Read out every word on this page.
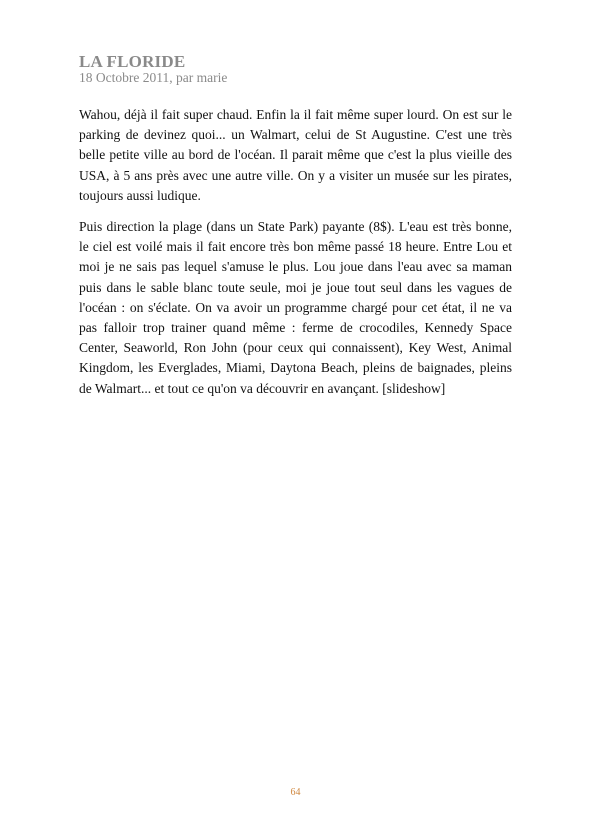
LA FLORIDE
18 Octobre 2011, par marie

Wahou, déjà il fait super chaud. Enfin la il fait même super lourd. On est sur le parking de devinez quoi... un Walmart, celui de St Augustine. C'est une très belle petite ville au bord de l'océan. Il parait même que c'est la plus vieille des USA, à 5 ans près avec une autre ville. On y a visiter un musée sur les pirates, toujours aussi ludique.

Puis direction la plage (dans un State Park) payante (8$). L'eau est très bonne, le ciel est voilé mais il fait encore très bon même passé 18 heure. Entre Lou et moi je ne sais pas lequel s'amuse le plus. Lou joue dans l'eau avec sa maman puis dans le sable blanc toute seule, moi je joue tout seul dans les vagues de l'océan : on s'éclate. On va avoir un programme chargé pour cet état, il ne va pas falloir trop trainer quand même : ferme de crocodiles, Kennedy Space Center, Seaworld, Ron John (pour ceux qui connaissent), Key West, Animal Kingdom, les Everglades, Miami, Daytona Beach, pleins de baignades, pleins de Walmart... et tout ce qu'on va découvrir en avançant. [slideshow]

64
